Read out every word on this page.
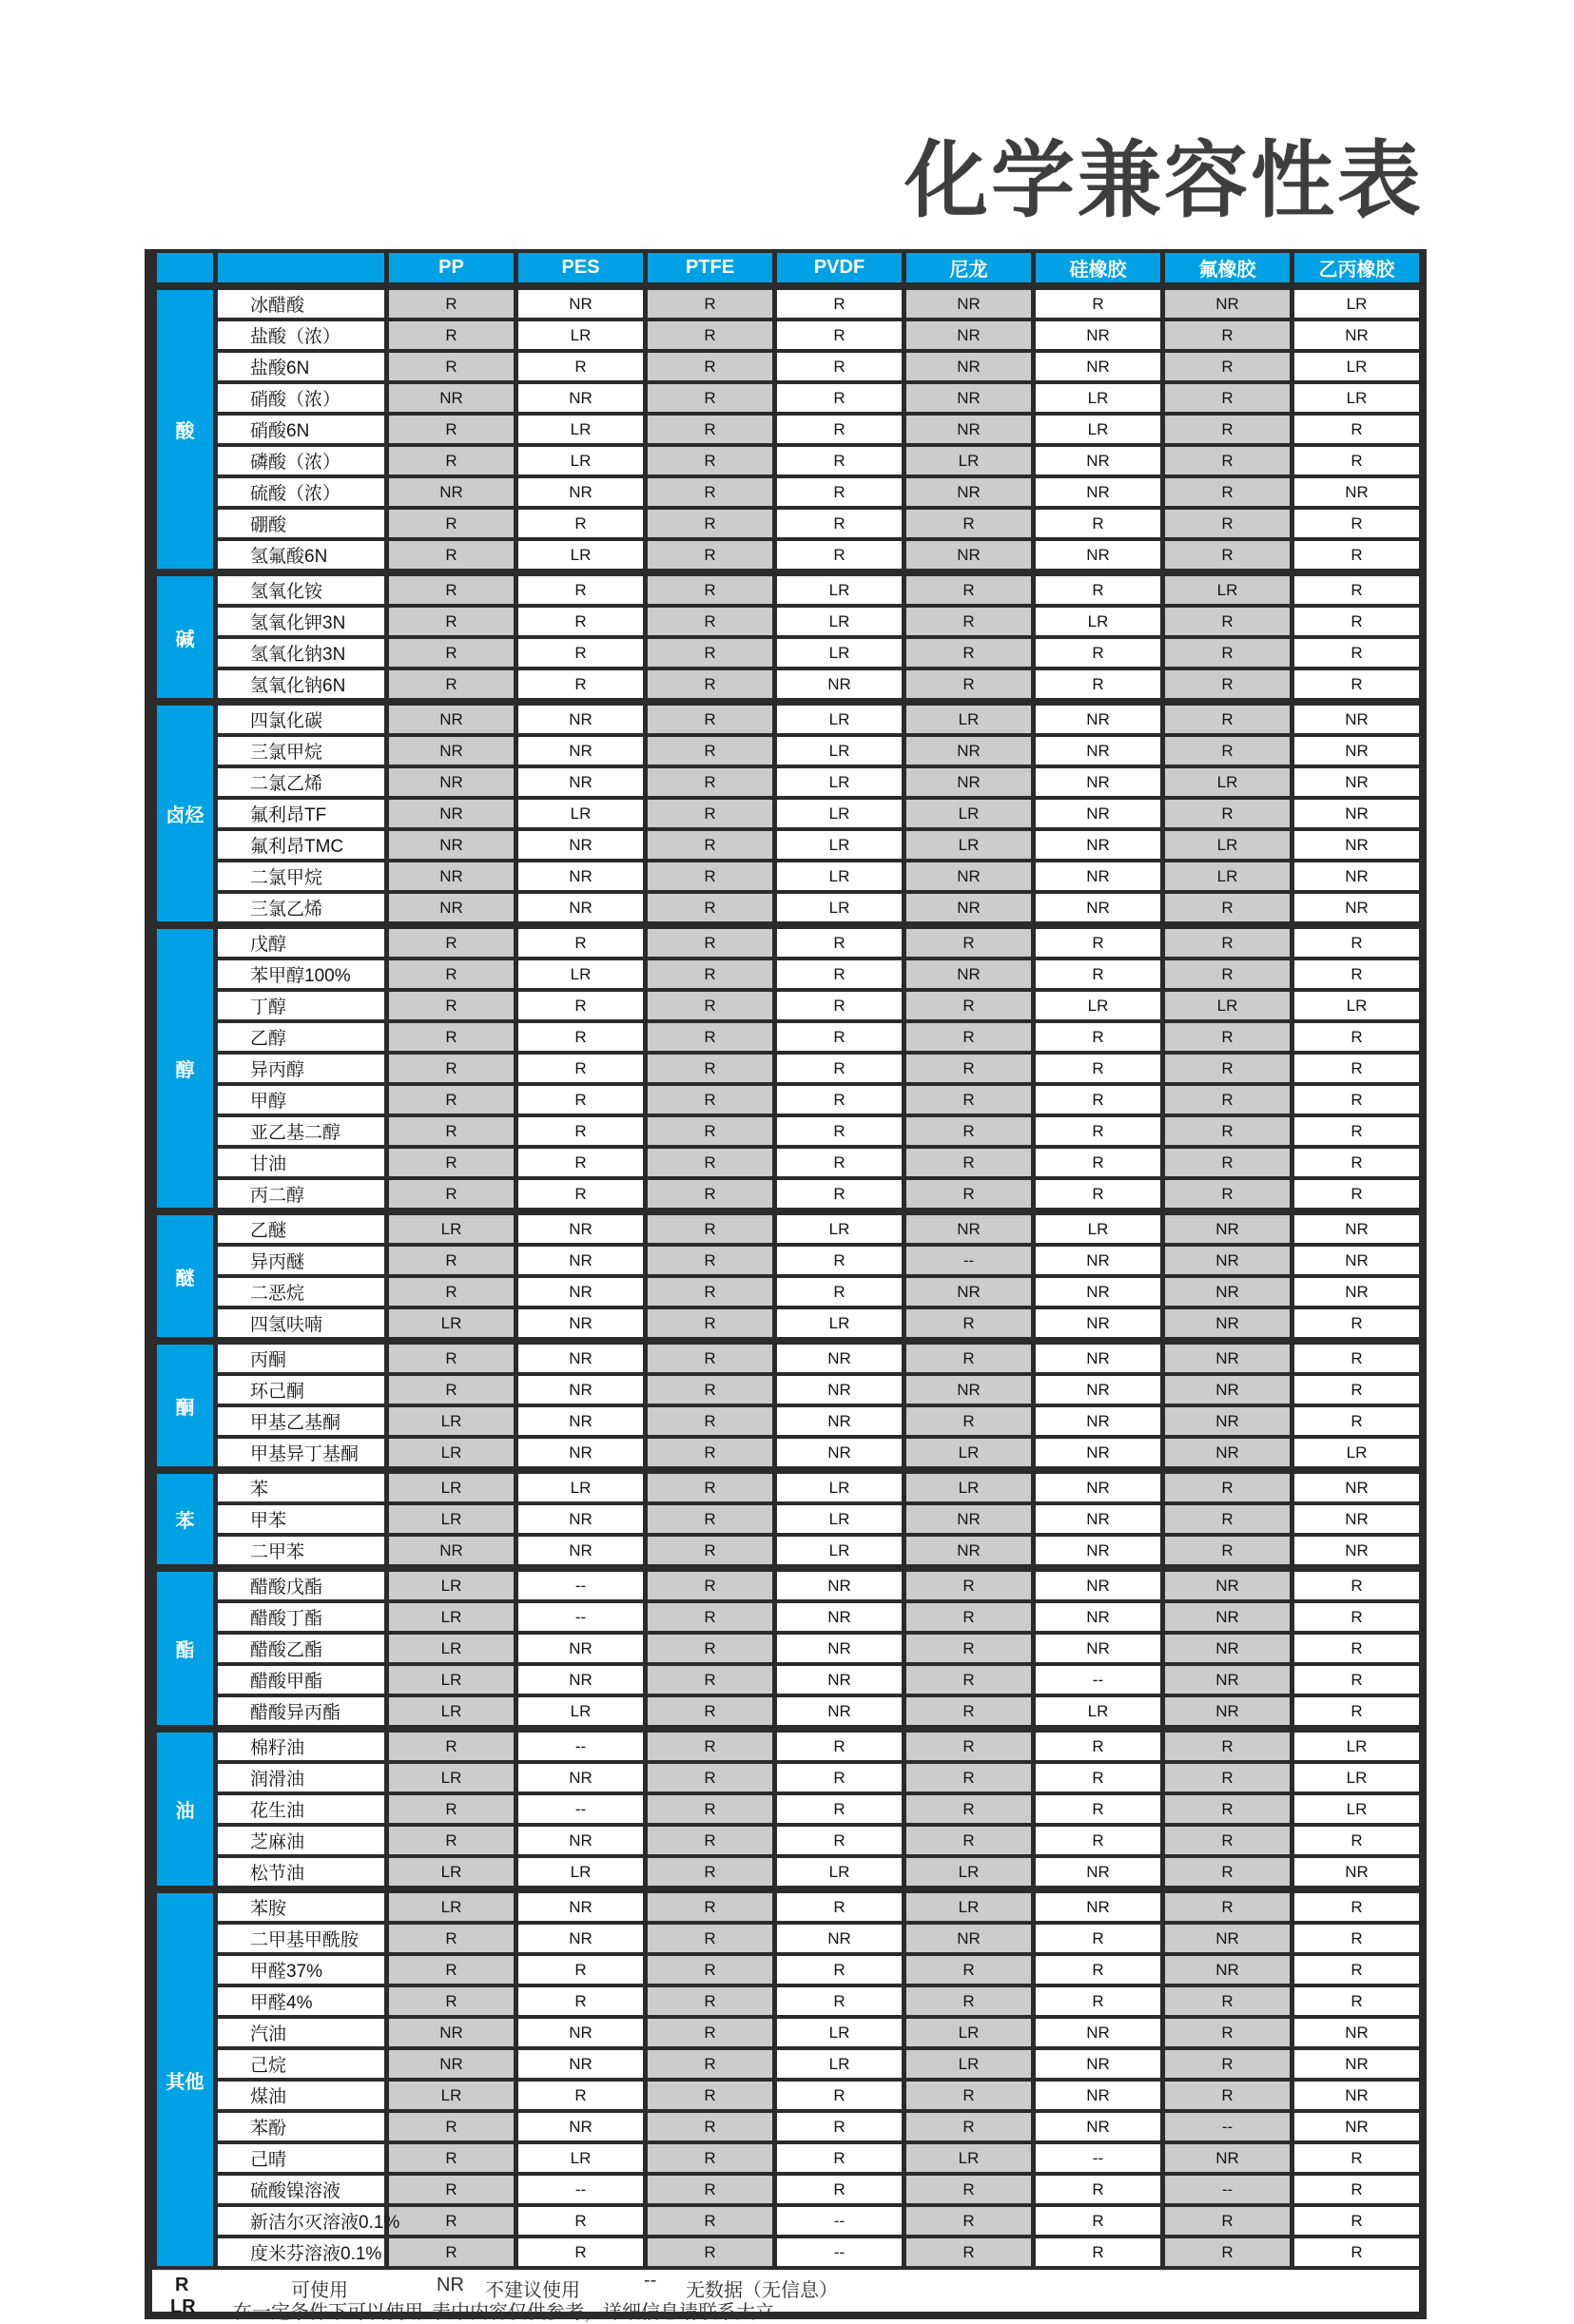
化学兼容性表
		PP	PES	PTFE	PVDF	尼龙	硅橡胶	氟橡胶	乙丙橡胶
酸	冰醋酸	R	NR	R	R	NR	R	NR	LR
	盐酸（浓）	R	LR	R	R	NR	NR	R	NR
	盐酸6N	R	R	R	R	NR	NR	R	LR
	硝酸（浓）	NR	NR	R	R	NR	LR	R	LR
	硝酸6N	R	LR	R	R	NR	LR	R	R
	磷酸（浓）	R	LR	R	R	LR	NR	R	R
	硫酸（浓）	NR	NR	R	R	NR	NR	R	NR
	硼酸	R	R	R	R	R	R	R	R
	氢氟酸6N	R	LR	R	R	NR	NR	R	R
碱	氢氧化铵	R	R	R	LR	R	R	LR	R
	氢氧化钾3N	R	R	R	LR	R	LR	R	R
	氢氧化钠3N	R	R	R	LR	R	R	R	R
	氢氧化钠6N	R	R	R	NR	R	R	R	R
卤烃	四氯化碳	NR	NR	R	LR	LR	NR	R	NR
	三氯甲烷	NR	NR	R	LR	NR	NR	R	NR
	二氯乙烯	NR	NR	R	LR	NR	NR	LR	NR
	氟利昂TF	NR	LR	R	LR	LR	NR	R	NR
	氟利昂TMC	NR	NR	R	LR	LR	NR	LR	NR
	二氯甲烷	NR	NR	R	LR	NR	NR	LR	NR
	三氯乙烯	NR	NR	R	LR	NR	NR	R	NR
醇	戊醇	R	R	R	R	R	R	R	R
	苯甲醇100%	R	LR	R	R	NR	R	R	R
	丁醇	R	R	R	R	R	LR	LR	LR
	乙醇	R	R	R	R	R	R	R	R
	异丙醇	R	R	R	R	R	R	R	R
	甲醇	R	R	R	R	R	R	R	R
	亚乙基二醇	R	R	R	R	R	R	R	R
	甘油	R	R	R	R	R	R	R	R
	丙二醇	R	R	R	R	R	R	R	R
醚	乙醚	LR	NR	R	LR	NR	LR	NR	NR
	异丙醚	R	NR	R	R	--	NR	NR	NR
	二恶烷	R	NR	R	R	NR	NR	NR	NR
	四氢呋喃	LR	NR	R	LR	R	NR	NR	R
酮	丙酮	R	NR	R	NR	R	NR	NR	R
	环己酮	R	NR	R	NR	NR	NR	NR	R
	甲基乙基酮	LR	NR	R	NR	R	NR	NR	R
	甲基异丁基酮	LR	NR	R	NR	LR	NR	NR	LR
苯	苯	LR	LR	R	LR	LR	NR	R	NR
	甲苯	LR	NR	R	LR	NR	NR	R	NR
	二甲苯	NR	NR	R	LR	NR	NR	R	NR
酯	醋酸戊酯	LR	--	R	NR	R	NR	NR	R
	醋酸丁酯	LR	--	R	NR	R	NR	NR	R
	醋酸乙酯	LR	NR	R	NR	R	NR	NR	R
	醋酸甲酯	LR	NR	R	NR	R	--	NR	R
	醋酸异丙酯	LR	LR	R	NR	R	LR	NR	R
油	棉籽油	R	--	R	R	R	R	R	LR
	润滑油	LR	NR	R	R	R	R	R	LR
	花生油	R	--	R	R	R	R	R	LR
	芝麻油	R	NR	R	R	R	R	R	R
	松节油	LR	LR	R	LR	LR	NR	R	NR
其他	苯胺	LR	NR	R	R	LR	NR	R	R
	二甲基甲酰胺	R	NR	R	NR	NR	R	NR	R
	甲醛37%	R	R	R	R	R	R	NR	R
	甲醛4%	R	R	R	R	R	R	R	R
	汽油	NR	NR	R	LR	LR	NR	R	NR
	己烷	NR	NR	R	LR	LR	NR	R	NR
	煤油	LR	R	R	R	R	NR	R	NR
	苯酚	R	NR	R	R	R	NR	--	NR
	己晴	R	LR	R	R	LR	--	NR	R
	硫酸镍溶液	R	--	R	R	R	R	--	R
	新洁尔灭溶液0.1%	R	R	R	--	R	R	R	R
	度米芬溶液0.1%	R	R	R	--	R	R	R	R
R	可使用	NR 不建议使用	-- 无数据（无信息）
LR 在一定条件下可以使用 表中内容仅供参考，详细信息请联系大立
